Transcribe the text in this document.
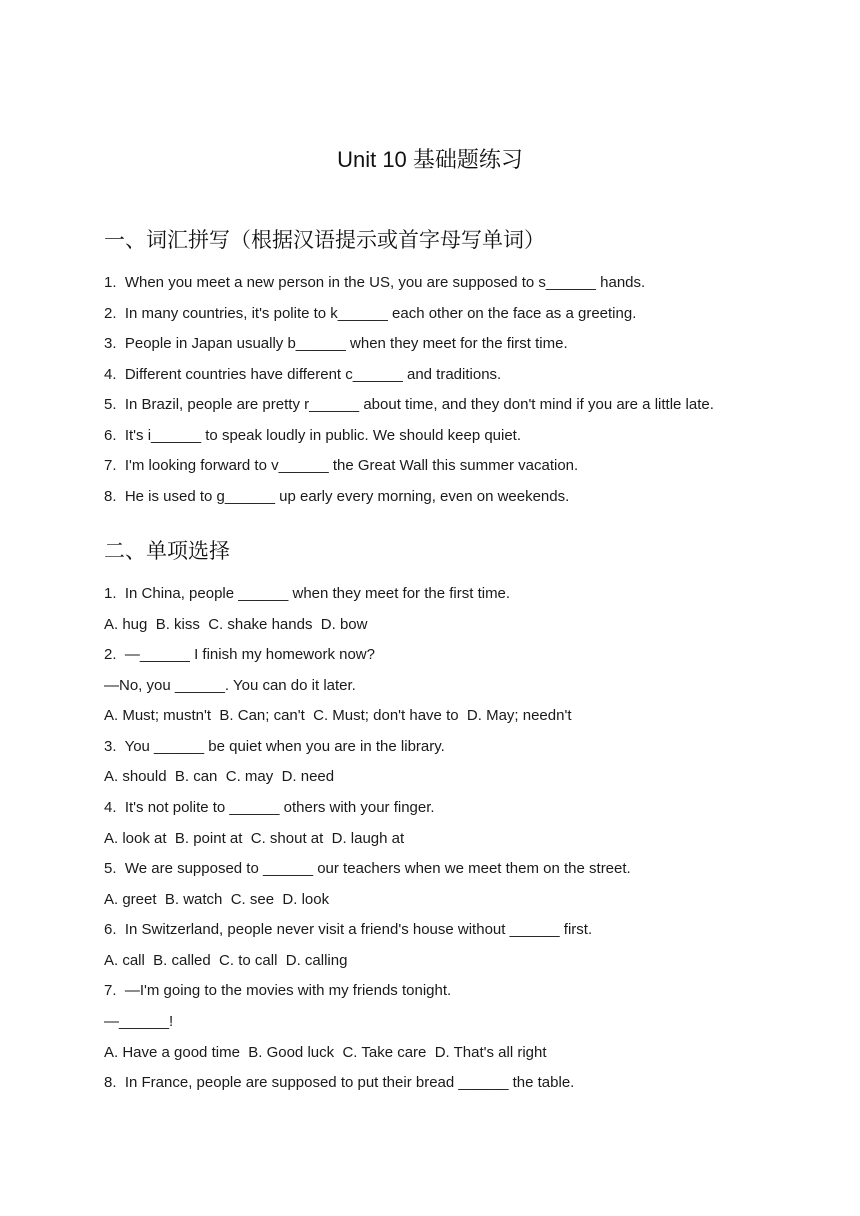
Unit 10 基础题练习
一、词汇拼写（根据汉语提示或首字母写单词）

1.  When you meet a new person in the US, you are supposed to s______ hands.

2.  In many countries, it's polite to k______ each other on the face as a greeting.

3.  People in Japan usually b______ when they meet for the first time.

4.  Different countries have different c______ and traditions.

5.  In Brazil, people are pretty r______ about time, and they don't mind if you are a little late.

6.  It's i______ to speak loudly in public. We should keep quiet.

7.  I'm looking forward to v______ the Great Wall this summer vacation.

8.  He is used to g______ up early every morning, even on weekends.

二、单项选择

1.  In China, people ______ when they meet for the first time.

A. hug  B. kiss  C. shake hands  D. bow

2.  —______ I finish my homework now?

—No, you ______. You can do it later.

A. Must; mustn't  B. Can; can't  C. Must; don't have to  D. May; needn't

3.  You ______ be quiet when you are in the library.

A. should  B. can  C. may  D. need

4.  It's not polite to ______ others with your finger.

A. look at  B. point at  C. shout at  D. laugh at

5.  We are supposed to ______ our teachers when we meet them on the street.

A. greet  B. watch  C. see  D. look

6.  In Switzerland, people never visit a friend's house without ______ first.

A. call  B. called  C. to call  D. calling

7.  —I'm going to the movies with my friends tonight.

—______!

A. Have a good time  B. Good luck  C. Take care  D. That's all right

8.  In France, people are supposed to put their bread ______ the table.
